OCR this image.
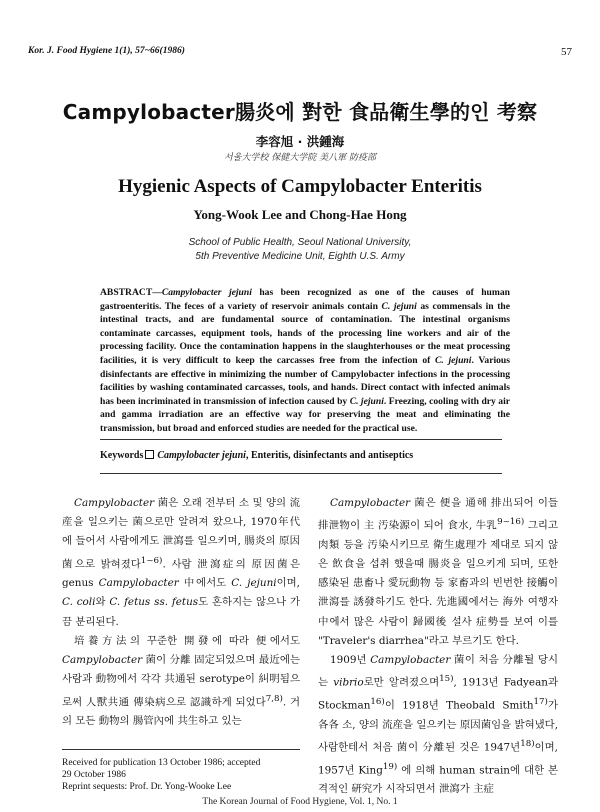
Kor. J. Food Hygiene 1(1), 57~66(1986)	57
Campylobacter腸炎에 對한 食品衛生學的인 考察
李容旭 · 洪鍾海
서울大学校 保健大学院 美八軍 防疫部
Hygienic Aspects of Campylobacter Enteritis
Yong-Wook Lee and Chong-Hae Hong
School of Public Health, Seoul National University,
5th Preventive Medicine Unit, Eighth U.S. Army
ABSTRACT—Campylobacter jejuni has been recognized as one of the causes of human gastroenteritis. The feces of a variety of reservoir animals contain C. jejuni as commensals in the intestinal tracts, and are fundamental source of contamination. The intestinal organisms contaminate carcasses, equipment tools, hands of the processing line workers and air of the processing facility. Once the contamination happens in the slaughterhouses or the meat processing facilities, it is very difficult to keep the carcasses free from the infection of C. jejuni. Various disinfectants are effective in minimizing the number of Campylobacter infections in the processing facilities by washing contaminated carcasses, tools, and hands. Direct contact with infected animals has been incriminated in transmission of infection caused by C. jejuni. Freezing, cooling with dry air and gamma irradiation are an effective way for preserving the meat and eliminating the transmission, but broad and enforced studies are needed for the practical use.
Keywords Campylobacter jejuni, Enteritis, disinfectants and antiseptics

Campylobacter 菌은 오래 전부터 소 및 양의 流産을 일으키는 菌으로만 알려져 왔으나, 1970年代에 들어서 사람에게도 泄瀉를 일으키며, 腸炎의 原因菌으로 밝혀졌다$^{1\sim 6)}$. 사람 泄瀉症의 原因菌은 genus Campylobacter 中에서도 C. jejuni이며, C. coli와 C. fetus ss. fetus도 혼하지는 않으나 가끔 분리된다.

培養方法의 꾸준한 開發에 따라 便에서도 Campylobacter 菌이 分離 固定되었으며 最近에는 사람과 動物에서 각각 共通된 serotype이 糾明됨으로써 人獸共通 傳染病으로 認識하게 되었다$^{7,8)}$. 거의 모든 動物의 腸管內에 共生하고 있는

Campylobacter 菌은 便을 通해 排出되어 이들 排泄物이 主 汚染源이 되어 食水, 牛乳$^{9\sim 16)}$ 그리고 肉類 등을 汚染시키므로 衛生處理가 제대로 되지 않은 飲食을 섭취 했을때 腸炎을 일으키게 되며, 또한 感染된 患畜나 愛玩動物 등 家畜과의 빈번한 接觸이 泄瀉를 誘發하기도 한다. 先進國에서는 海外 여행자 中에서 많은 사람이 歸國後 설사 症勢를 보여 이를 "Traveler's diarrhea"라고 부르기도 한다.

1909년 Campylobacter 菌이 처음 分離될 당시는 vibrio로만 알려졌으며$^{15)}$, 1913년 Fadyean과 Stockman$^{16)}$이 1918년 Theobald Smith$^{17)}$가 各各 소, 양의 流産을 일으키는 原因菌임을 밝혀냈다, 사람한테서 처음 菌이 分離된 것은 1947년$^{18)}$이며, 1957년 King$^{19)}$ 에 의해 human strain에 대한 본격적인 硏究가 시작되면서 泄瀉가 主症

Received for publication 13 October 1986; accepted
29 October 1986
Reprint sequests: Prof. Dr. Yong-Wooke Lee
The Korean Journal of Food Hygiene, Vol. 1, No. 1
